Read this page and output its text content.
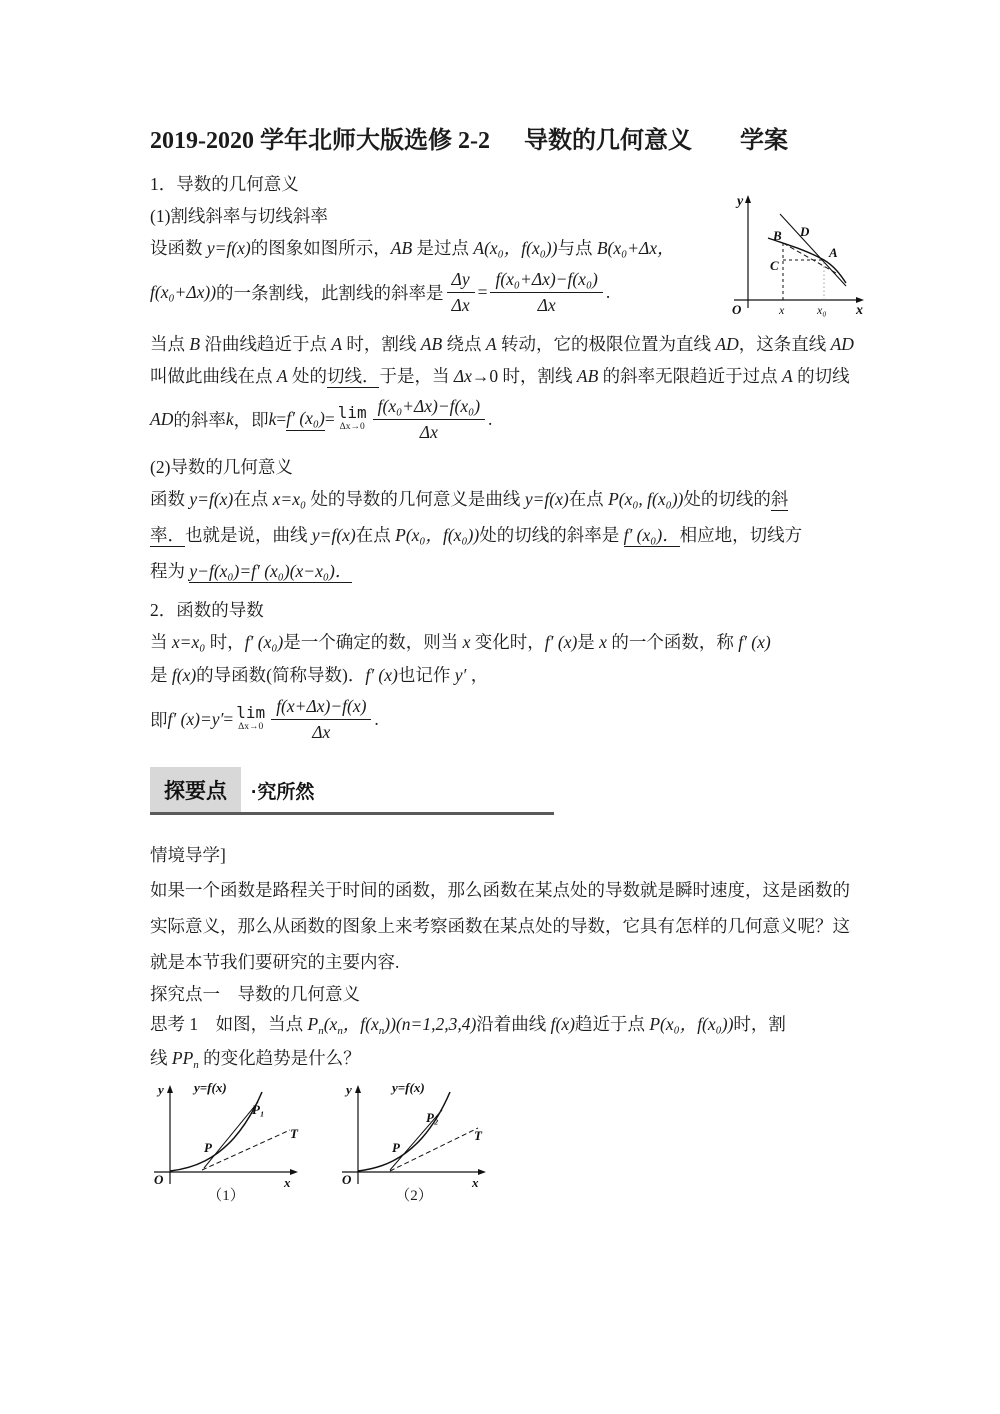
2019-2020 学年北师大版选修 2-2 导数的几何意义 学案
1．导数的几何意义
(1)割线斜率与切线斜率
设函数 y=f(x)的图象如图所示，AB 是过点 A(x₀，f(x₀))与点 B(x₀+Δx，
f(x₀+Δx)) 的一条割线，此割线的斜率是 $\frac{\Delta y}{\Delta x} = \frac{\text{f(x₀+Δx)−f(x₀)}}{\Delta x}$ .
当点 B 沿曲线趋近于点 A 时，割线 AB 绕点 A 转动，它的极限位置为直线 AD，这条直线 AD
叫做此曲线在点 A 处的切线．于是，当 Δx→0 时，割线 AB 的斜率无限趋近于过点 A 的切线
AD 的斜率 k ，即 k = f′ (x₀) = lim
$\Delta x\to 0 \frac{\text{f(x₀+Δx)−f(x₀)}}{\Delta x}$ .
(2)导数的几何意义
函数 y=f(x)在点 x=x₀ 处的导数的几何意义是曲线 y=f(x)在点 P(x₀, f(x₀))处的切线的斜
率．也就是说，曲线 y=f(x)在点 P(x₀，f(x₀))处的切线的斜率是 f′ (x₀)．相应地，切线方
程为 y−f(x₀)=f′ (x₀)(x−x₀)．
2．函数的导数
当 x=x₀ 时，f′ (x₀)是一个确定的数，则当 x 变化时，f′ (x)是 x 的一个函数，称 f′ (x)
是 f(x)的导函数(简称导数)．f′ (x)也记作 y′ ，
即 f′ (x)=y′ = lim
$\Delta x\to 0 \frac{f(x+\Delta x)-f(x)}{\Delta x}$ .
探要点	·究所然
情境导学]
如果一个函数是路程关于时间的函数，那么函数在某点处的导数就是瞬时速度，这是函数的
实际意义，那么从函数的图象上来考察函数在某点处的导数，它具有怎样的几何意义呢？这
就是本节我们要研究的主要内容.
探究点一　导数的几何意义
思考 1　如图，当点 $P_n(x_n$，$f(x_n))(n=1,2,3,4)$沿着曲线 f(x)趋近于点 P(x₀，f(x₀))时，割
线 $PP_n$ 的变化趋势是什么？
y
x
O
B D
C
A
x	x₀
y
x
O
y=f(x)
P
P₁
T
（1）
y
x
O
y=f(x)
P
P₂
T
（2）
